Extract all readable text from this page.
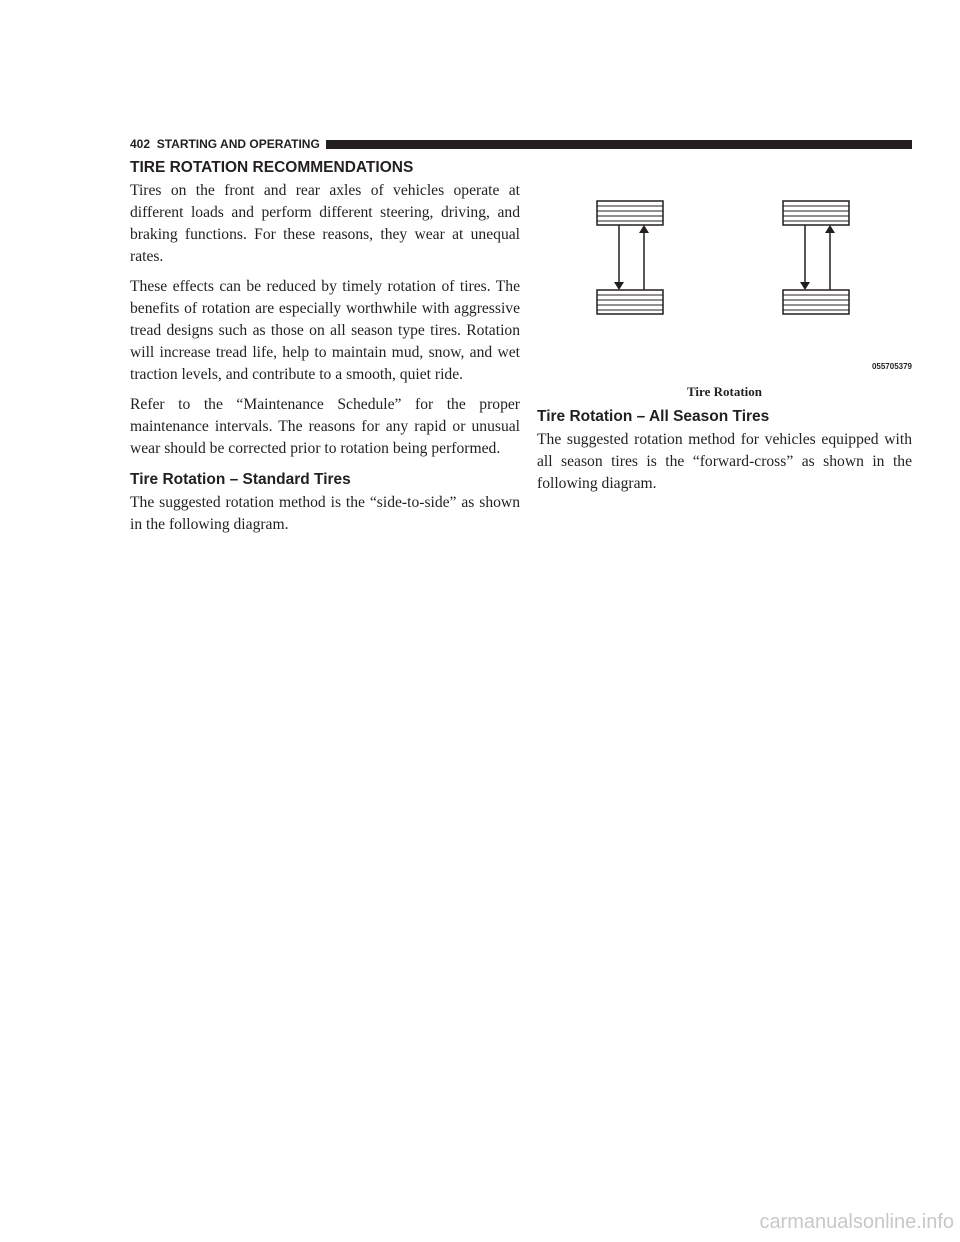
402 STARTING AND OPERATING
TIRE ROTATION RECOMMENDATIONS

Tires on the front and rear axles of vehicles operate at different loads and perform different steering, driving, and braking functions. For these reasons, they wear at unequal rates.

These effects can be reduced by timely rotation of tires. The benefits of rotation are especially worthwhile with aggressive tread designs such as those on all season type tires. Rotation will increase tread life, help to maintain mud, snow, and wet traction levels, and contribute to a smooth, quiet ride.

Refer to the “Maintenance Schedule” for the proper maintenance intervals. The reasons for any rapid or unusual wear should be corrected prior to rotation being performed.

Tire Rotation – Standard Tires

The suggested rotation method is the “side-to-side” as shown in the following diagram.

055705379
Tire Rotation
Tire Rotation – All Season Tires

The suggested rotation method for vehicles equipped with all season tires is the “forward-cross” as shown in the following diagram.

carmanualsonline.info
